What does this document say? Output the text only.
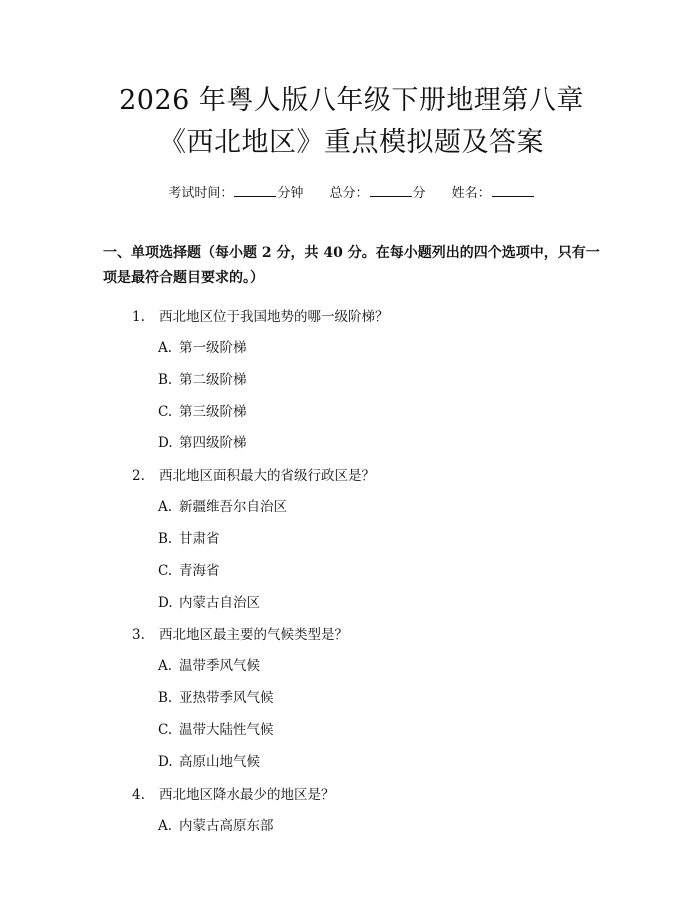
2026 年粤人版八年级下册地理第八章《西北地区》重点模拟题及答案
考试时间：	分钟 总分：	分 姓名：

一、单项选择题（每小题 2 分，共 40 分。在每小题列出的四个选项中，只有一项是最符合题目要求的。）

1.	西北地区位于我国地势的哪一级阶梯？
A. 第一级阶梯
B. 第二级阶梯
C. 第三级阶梯
D. 第四级阶梯
2.	西北地区面积最大的省级行政区是？
A. 新疆维吾尔自治区
B. 甘肃省
C. 青海省
D. 内蒙古自治区
3.	西北地区最主要的气候类型是？
A. 温带季风气候
B. 亚热带季风气候
C. 温带大陆性气候
D. 高原山地气候
4.	西北地区降水最少的地区是？
A. 内蒙古高原东部
